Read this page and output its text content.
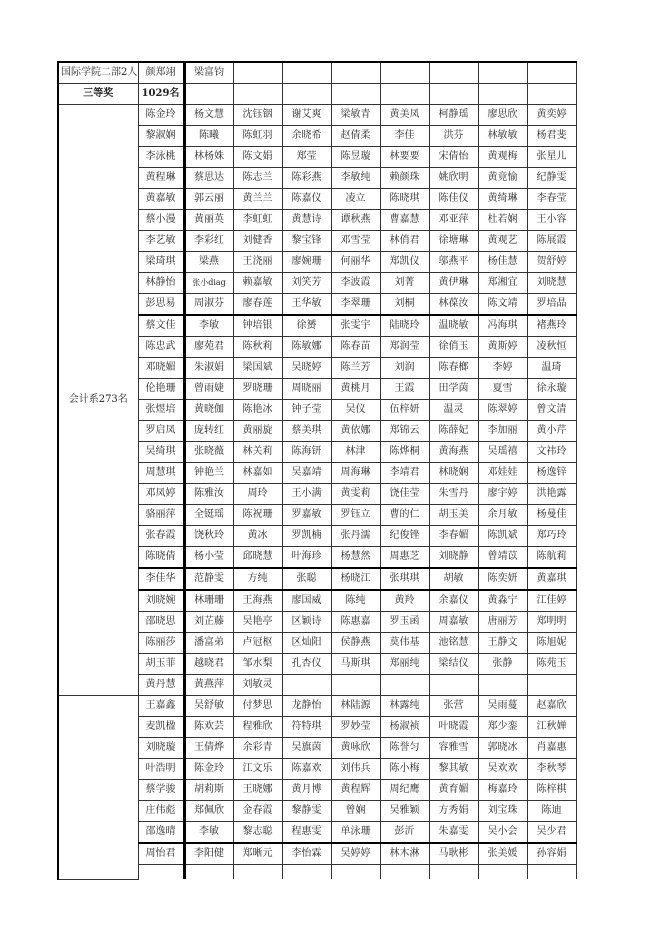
国际学院二部2人	颜郑翊	梁富钧							
三等奖	1029名								
会计系273名	陈金玲	杨文慧	沈钰铟	谢艾爽	梁敏青	黄美凤	柯静瑶	廖思欣	黄奕婷
	黎淑娴	陈曦	陈虹羽	余晓希	赵倩柔	李佳	洪芬	林敏敏	杨君斐
	李泳桃	林杨姝	陈文娟	郑莹	陈昱璇	林要要	宋倩怡	黄观梅	张星儿
	黄程琳	蔡思达	陈志兰	陈彩燕	李敏纯	赖颜珠	姚欣明	黄竟愉	纪静雯
	黄嘉敏	郭云丽	黄兰兰	陈嘉仪	凌立	陈晓琪	陈佳仪	黄绮琳	李春莹
	蔡小漫	黄丽英	李虹虹	黄慧诗	谭秋燕	曹嘉慧	邓亚萍	杜若娴	王小容
	李艺敏	李彩红	刘健香	黎宝锋	邓雪莹	林俏君	徐塘琳	黄观艺	陈展霞
	梁琦琪	梁燕	王浇丽	廖婉珊	何丽华	郑凯仪	邬燕平	杨佳慧	贺舒婷
	林静怡	张小diag	赖嘉敏	刘笑芳	李波霞	刘菁	黄伊琳	郑湘宜	刘晓慧
	彭思易	周淑芬	廖春莲	王华敏	李翠珊	刘桐	林葆汝	陈文靖	罗培晶
	蔡文佳	李敏	钟培银	徐赟	张雯宇	陆晓玲	温晓敏	冯海琪	褚燕玲
	陈忠武	廖苑君	陈秋莉	陈敏娜	陈春苗	郑润莹	徐俏玉	黄斯婷	凌秋恒
	邓晓媚	朱淑娟	梁国斌	吴晓婷	陈兰芳	刘润	陈春榔	李婷	温琦
	伦艳珊	曾雨婕	罗晓珊	周晓丽	黄桃月	王霞	田学茵	夏雪	徐永璇
	张煜培	黄晓伽	陈艳冰	钟子莹	吴仪	伍梓妍	温灵	陈翠婷	曾文清
	罗启凤	庞转红	黄丽旋	蔡美琪	黄依娜	郑锦云	陈薛妃	李加丽	黄小芹
	吴绮琪	张晓薇	林关莉	陈海钘	林津	陈烨桐	黄海燕	吴瑶禧	文祎玲
	周慧琪	钟艳兰	林嘉如	吴嘉靖	周海琳	李靖君	林晓娴	邓娃娃	杨逸锌
	邓凤婷	陈雅汝	周玲	王小满	黄雯莉	饶佳莹	朱雪丹	廖宇婷	洪艳露
	骆丽萍	全铤瑶	陈祝珊	罗嘉敏	罗钰立	曹的仁	胡玉美	余月敏	杨曼佳
	张春霞	饶秋玲	黄冰	罗凯楠	张丹濡	纪俊锉	李春媚	陈凯斌	郑巧玲
	陈晓倩	杨小莹	邱晓慧	叶海珍	杨慧然	周惠芝	刘晓静	曾靖苡	陈航莉
	李佳华	范静雯	方纯	张聪	杨晓江	张琪琪	胡敏	陈奕妍	黄嘉琪
	刘晓婉	林珊珊	王海燕	廖国威	陈纯	黄羚	余嘉仪	黄淼宁	江佳婷
	邵晓思	刘芷藤	吴艳亭	区颖诗	陈惠嘉	罗玉函	周嘉敏	唐丽芳	郑明明
	陈丽莎	潘富弟	卢冠枢	区灿阳	侯静燕	莫伟基	池铭慧	王静文	陈旭妮
	胡玉菲	越晓君	邹水梨	孔杏仪	马斯琪	郑丽纯	梁结仪	张静	陈苑玉
	黄丹慧	黄燕萍	刘敏灵						
	王嘉鑫	吴舒敏	付梦思	龙静怡	林陆源	林露纯	张营	吴雨蔓	赵嘉欣
	麦凯楹	陈欢芸	程雅欣	符特琪	罗妙莹	杨淑祯	叶晓霞	郑少銮	江秋婵
	刘晓璇	王倩烨	余彩青	吴旗茵	黄咏欣	陈誉匀	容雅雪	郭晓冰	肖嘉惠
	叶浩明	陈金玲	江文乐	陈嘉欢	刘伟兵	陈小梅	黎其敏	吴欢欢	李秋琴
	蔡学骏	胡莉斯	王晓娜	黄月博	黄程辉	周纪鹰	黄育媚	梅嘉玲	陈梓棋
	庄伟彪	郑佩欣	金春霞	黎静雯	曾娴	吴雅颖	方秀娟	刘宝珠	陈迪
	邵逸晴	李敏	黎志聪	程惠雯	单泳珊	彭沂	朱嘉雯	吴小会	吴少君
	周怡君	李阳健	郑晰元	李怡霖	吴婷婷	林木淋	马耿彬	张美媛	孙容娟
